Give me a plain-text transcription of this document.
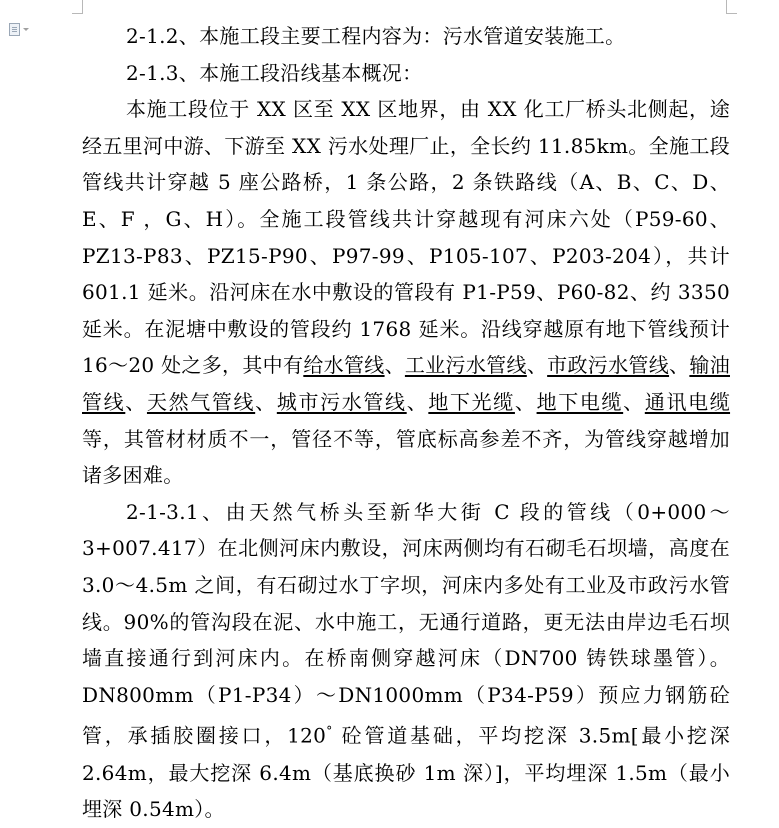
2-1.2、本施工段主要工程内容为：污水管道安装施工。

2-1.3、本施工段沿线基本概况：

本施工段位于 XX 区至 XX 区地界，由 XX 化工厂桥头北侧起，途经五里河中游、下游至 XX 污水处理厂止，全长约 11.85km。全施工段管线共计穿越 5 座公路桥，1 条公路，2 条铁路线（A、B、C、D、E、F ，G、H）。全施工段管线共计穿越现有河床六处（P59-60、PZ13-P83、PZ15-P90、P97-99、P105-107、P203-204），共计 601.1 延米。沿河床在水中敷设的管段有 P1-P59、P60-82、约 3350 延米。在泥塘中敷设的管段约 1768 延米。沿线穿越原有地下管线预计 16～20 处之多，其中有给水管线、工业污水管线、市政污水管线、输油管线、天然气管线、城市污水管线、地下光缆、地下电缆、通讯电缆等，其管材材质不一，管径不等，管底标高参差不齐，为管线穿越增加诸多困难。

2-1-3.1、由天然气桥头至新华大街 C 段的管线（0+000～3+007.417）在北侧河床内敷设，河床两侧均有石砌毛石坝墙，高度在 3.0～4.5m 之间，有石砌过水丁字坝，河床内多处有工业及市政污水管线。90%的管沟段在泥、水中施工，无通行道路，更无法由岸边毛石坝墙直接通行到河床内。在桥南侧穿越河床（DN700 铸铁球墨管）。DN800mm（P1-P34）～DN1000mm（P34-P59）预应力钢筋砼管，承插胶圈接口，120° 砼管道基础，平均挖深 3.5m[最小挖深 2.64m，最大挖深 6.4m（基底换砂 1m 深）]，平均埋深 1.5m（最小埋深 0.54m）。
